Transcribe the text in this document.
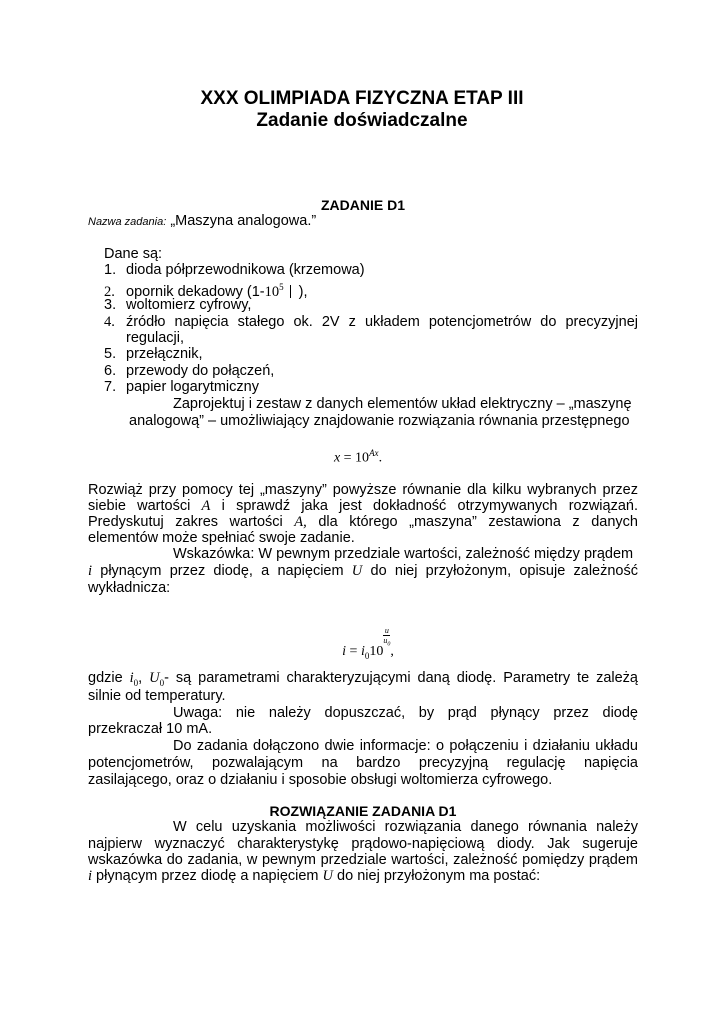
XXX OLIMPIADA FIZYCZNA ETAP III
Zadanie doświadczalne
ZADANIE D1
Nazwa zadania: „Maszyna analogowa.”
Dane są:
1. dioda półprzewodnikowa (krzemowa)
2. opornik dekadowy ($1-10^5$ ),
3. woltomierz cyfrowy,
4. źródło napięcia stałego ok. 2V z układem potencjometrów do precyzyjnej
regulacji,
5. przełącznik,
6. przewody do połączeń,
7. papier logarytmiczny
Zaprojektuj i zestaw z danych elementów układ elektryczny – „maszynę
analogową” – umożliwiający znajdowanie rozwiązania równania przestępnego
$x = 10^{Ax}$.
Rozwiąż przy pomocy tej „maszyny” powyższe równanie dla kilku wybranych przez
siebie wartości A i sprawdź jaka jest dokładność otrzymywanych rozwiązań.
Predyskutuj zakres wartości A, dla którego „maszyna” zestawiona z danych
elementów może spełniać swoje zadanie.
Wskazówka: W pewnym przedziale wartości, zależność między prądem
i płynącym przez diodę, a napięciem U do niej przyłożonym, opisuje zależność
wykładnicza:
$i = i_010$
$\frac{u}{u_0}$
,
gdzie $i_0$, $U_0-$ są parametrami charakteryzującymi daną diodę. Parametry te zależą
silnie od temperatury.
Uwaga: nie należy dopuszczać, by prąd płynący przez diodę
przekraczał 10 mA.
Do zadania dołączono dwie informacje: o połączeniu i działaniu układu
potencjometrów, pozwalającym na bardzo precyzyjną regulację napięcia
zasilającego, oraz o działaniu i sposobie obsługi woltomierza cyfrowego.
ROZWIĄZANIE ZADANIA D1
W celu uzyskania możliwości rozwiązania danego równania należy
najpierw wyznaczyć charakterystykę prądowo-napięciową diody. Jak sugeruje
wskazówka do zadania, w pewnym przedziale wartości, zależność pomiędzy prądem
i płynącym przez diodę a napięciem U do niej przyłożonym ma postać:
